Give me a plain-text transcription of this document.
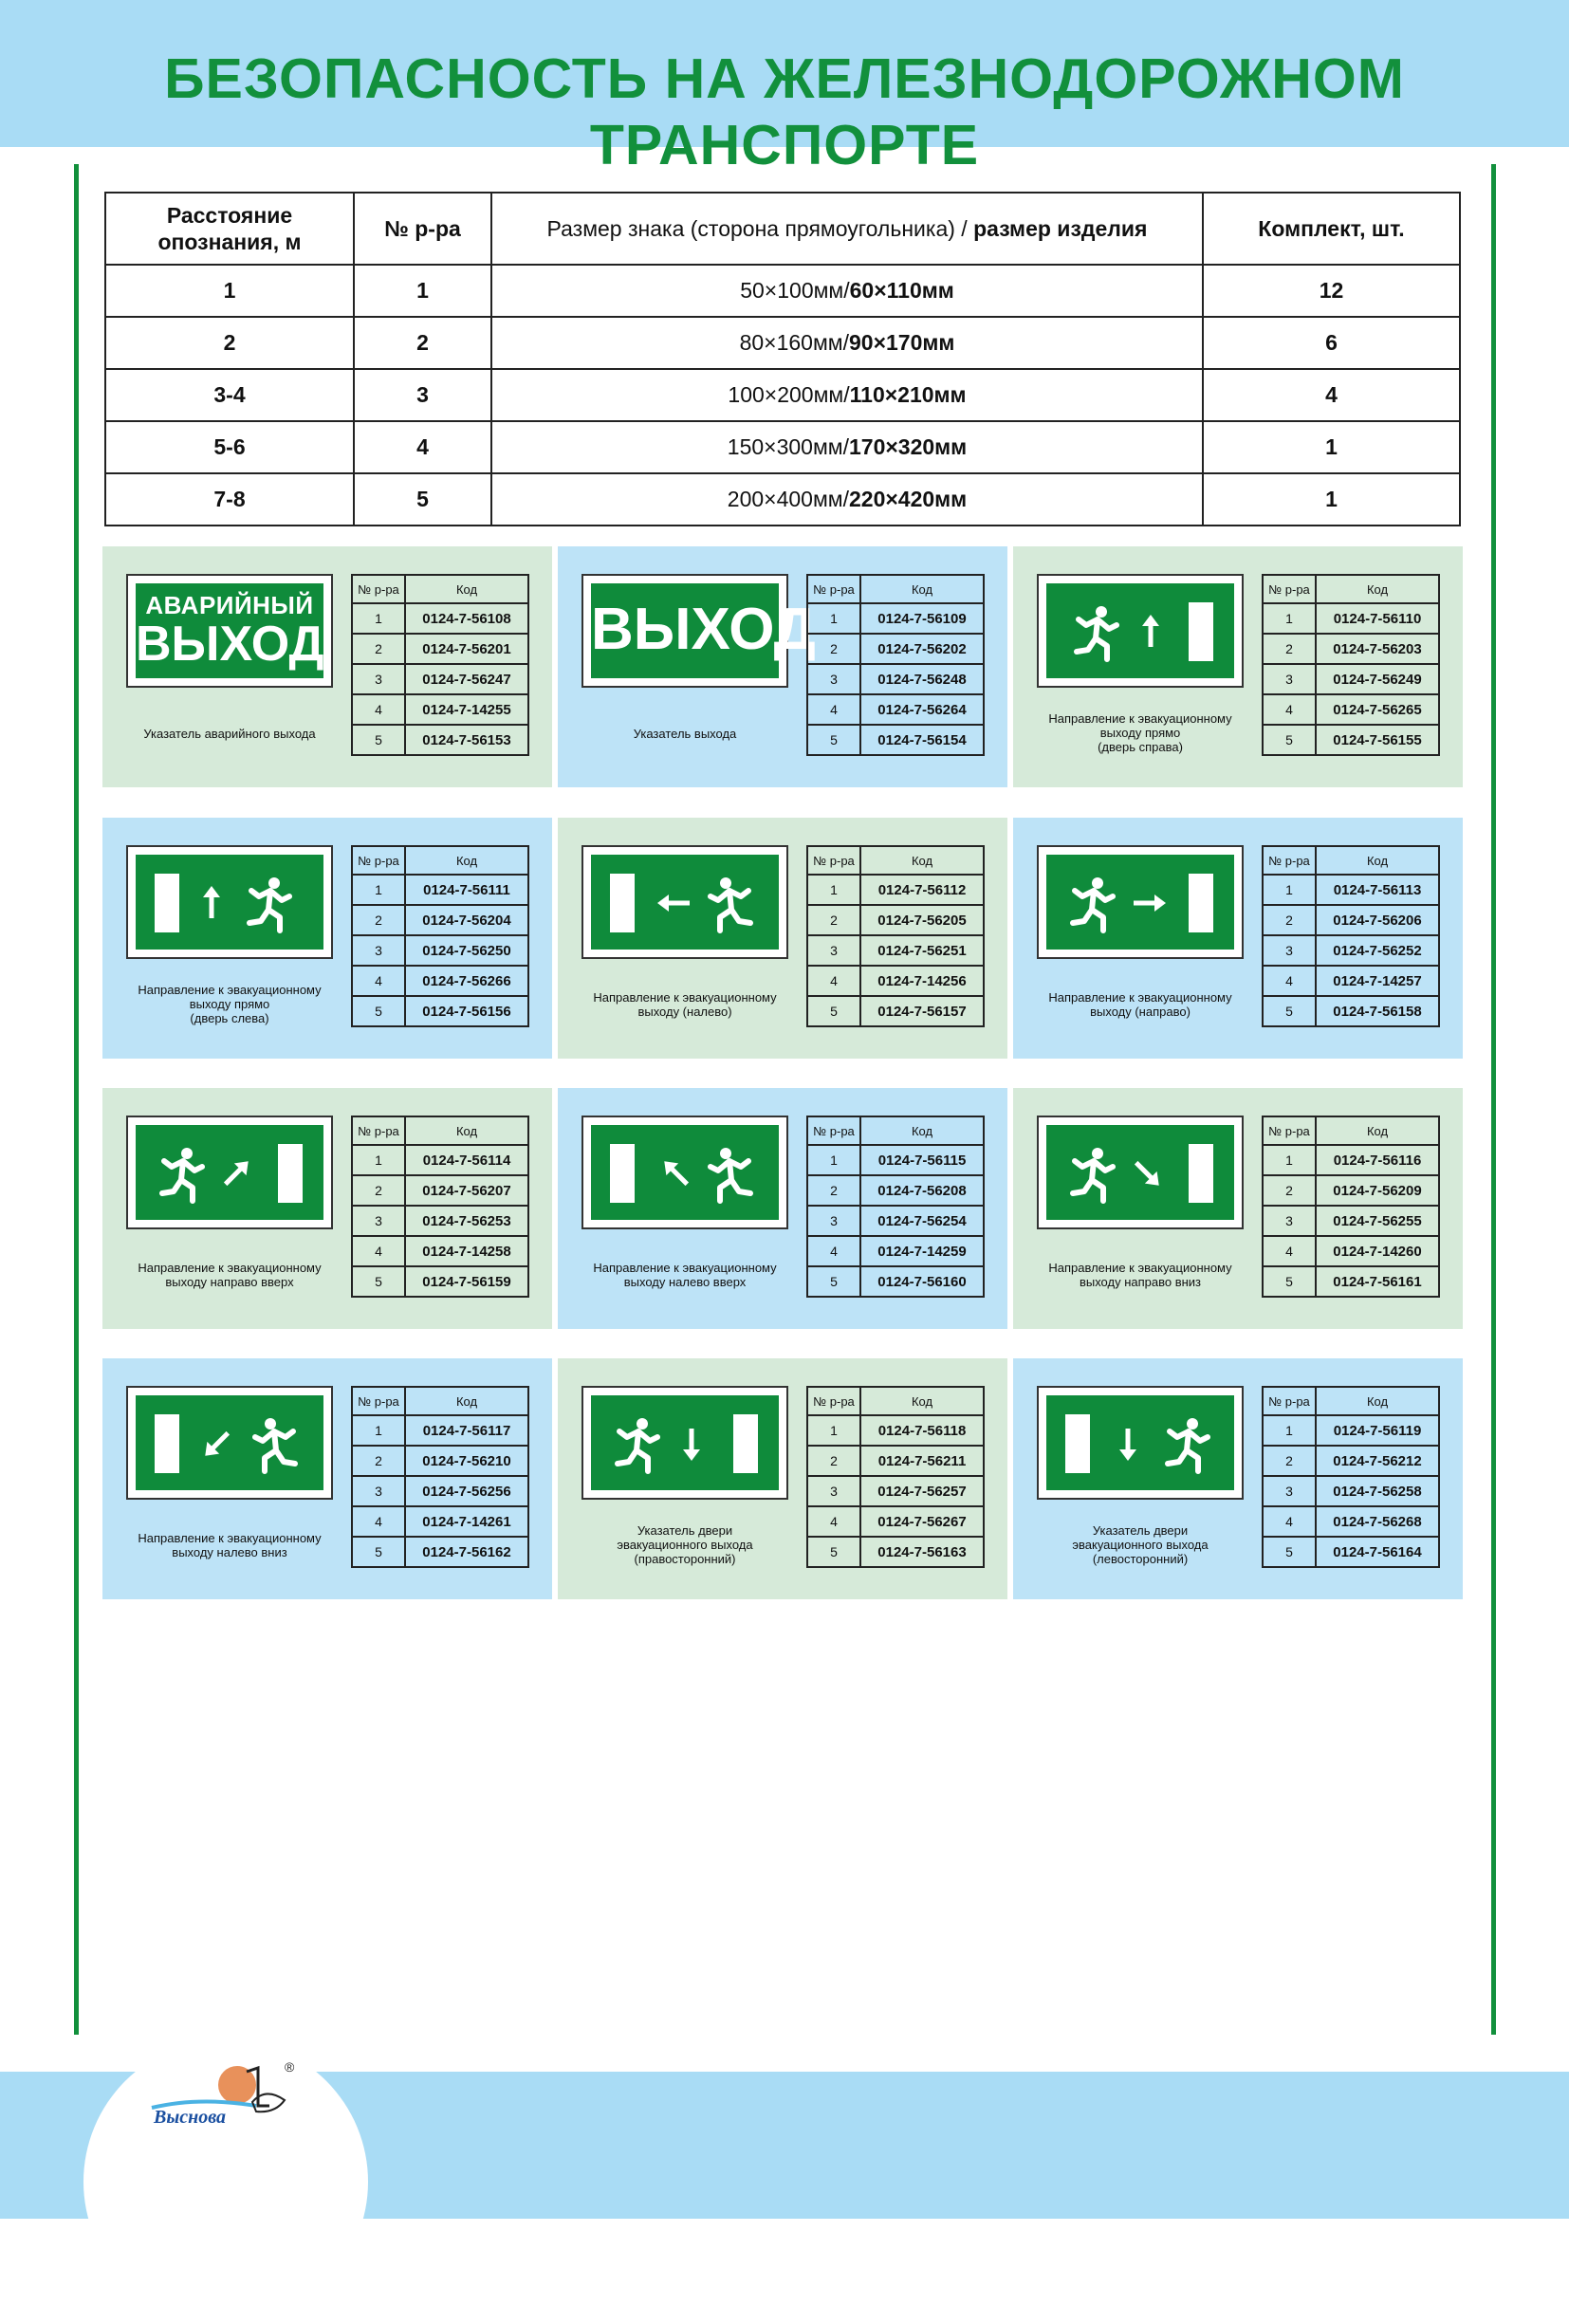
БЕЗОПАСНОСТЬ НА ЖЕЛЕЗНОДОРОЖНОМ ТРАНСПОРТЕ
Расстояние опознания, м	№ р-ра	Размер знака (сторона прямоугольника) / размер изделия	Комплект, шт.
1	1	50×100мм/60×110мм	12
2	2	80×160мм/90×170мм	6
3-4	3	100×200мм/110×210мм	4
5-6	4	150×300мм/170×320мм	1
7-8	5	200×400мм/220×420мм	1
АВАРИЙНЫЙ
ВЫХОД
Указатель аварийного выхода
№ р-ра	Код
1	0124-7-56108
2	0124-7-56201
3	0124-7-56247
4	0124-7-14255
5	0124-7-56153
ВЫХОД
Указатель выхода
№ р-ра	Код
1	0124-7-56109
2	0124-7-56202
3	0124-7-56248
4	0124-7-56264
5	0124-7-56154
Направление к эвакуационному
выходу прямо
(дверь справа)
№ р-ра	Код
1	0124-7-56110
2	0124-7-56203
3	0124-7-56249
4	0124-7-56265
5	0124-7-56155
Направление к эвакуационному
выходу прямо
(дверь слева)
№ р-ра	Код
1	0124-7-56111
2	0124-7-56204
3	0124-7-56250
4	0124-7-56266
5	0124-7-56156
Направление к эвакуационному
выходу (налево)
№ р-ра	Код
1	0124-7-56112
2	0124-7-56205
3	0124-7-56251
4	0124-7-14256
5	0124-7-56157
Направление к эвакуационному
выходу (направо)
№ р-ра	Код
1	0124-7-56113
2	0124-7-56206
3	0124-7-56252
4	0124-7-14257
5	0124-7-56158
Направление к эвакуационному
выходу направо вверх
№ р-ра	Код
1	0124-7-56114
2	0124-7-56207
3	0124-7-56253
4	0124-7-14258
5	0124-7-56159
Направление к эвакуационному
выходу налево вверх
№ р-ра	Код
1	0124-7-56115
2	0124-7-56208
3	0124-7-56254
4	0124-7-14259
5	0124-7-56160
Направление к эвакуационному
выходу направо вниз
№ р-ра	Код
1	0124-7-56116
2	0124-7-56209
3	0124-7-56255
4	0124-7-14260
5	0124-7-56161
Направление к эвакуационному
выходу налево вниз
№ р-ра	Код
1	0124-7-56117
2	0124-7-56210
3	0124-7-56256
4	0124-7-14261
5	0124-7-56162
Указатель двери
эвакуационного выхода
(правосторонний)
№ р-ра	Код
1	0124-7-56118
2	0124-7-56211
3	0124-7-56257
4	0124-7-56267
5	0124-7-56163
Указатель двери
эвакуационного выхода
(левосторонний)
№ р-ра	Код
1	0124-7-56119
2	0124-7-56212
3	0124-7-56258
4	0124-7-56268
5	0124-7-56164
Выснова
®
